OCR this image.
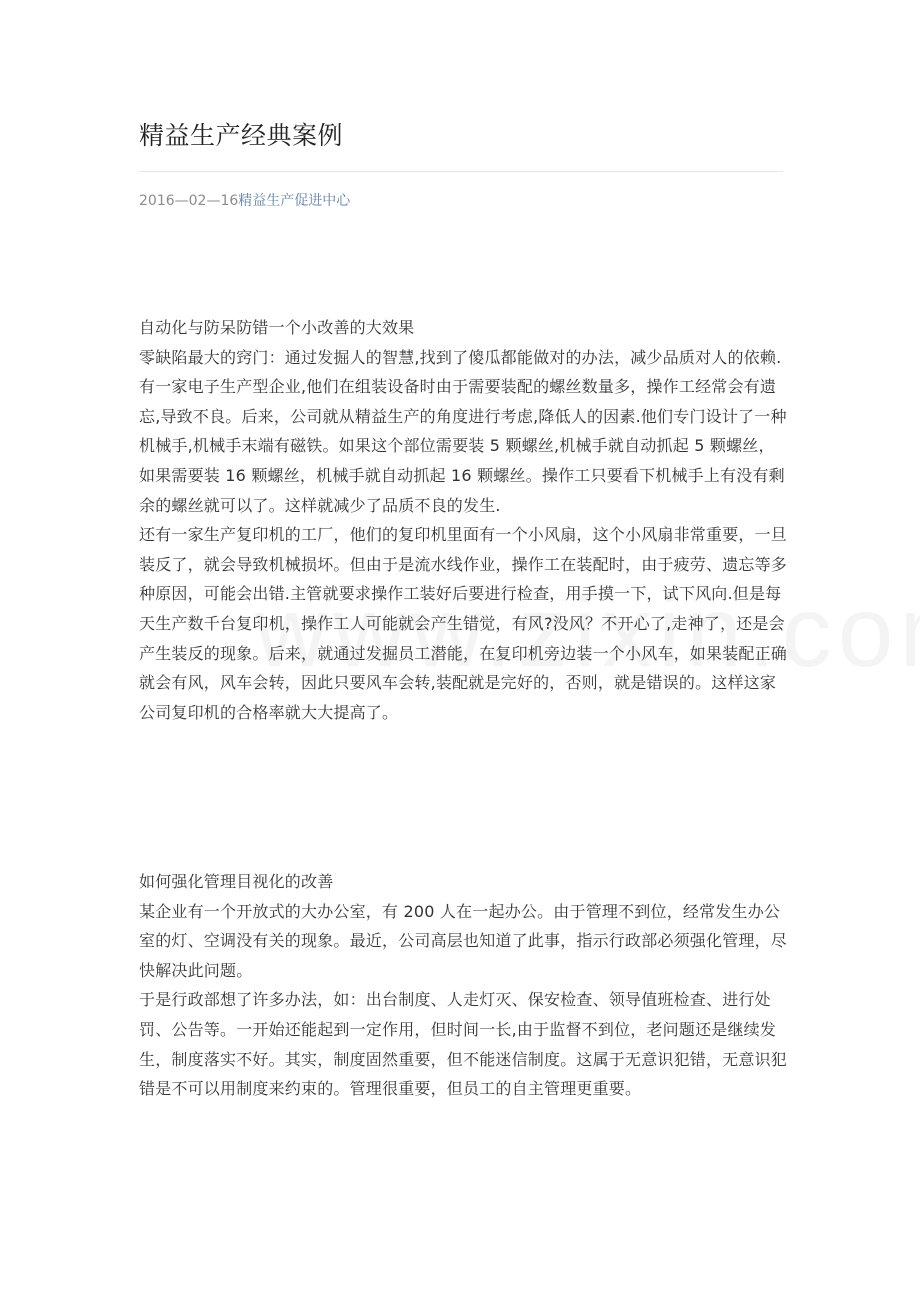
精益生产经典案例
2016—02—16精益生产促进中心

自动化与防呆防错一个小改善的大效果

零缺陷最大的窍门：通过发掘人的智慧,找到了傻瓜都能做对的办法，减少品质对人的依赖.

有一家电子生产型企业,他们在组装设备时由于需要装配的螺丝数量多，操作工经常会有遗忘,导致不良。后来，公司就从精益生产的角度进行考虑,降低人的因素.他们专门设计了一种机械手,机械手末端有磁铁。如果这个部位需要装 5 颗螺丝,机械手就自动抓起 5 颗螺丝，如果需要装 16 颗螺丝，机械手就自动抓起 16 颗螺丝。操作工只要看下机械手上有没有剩余的螺丝就可以了。这样就减少了品质不良的发生.

还有一家生产复印机的工厂，他们的复印机里面有一个小风扇，这个小风扇非常重要，一旦装反了，就会导致机械损坏。但由于是流水线作业，操作工在装配时，由于疲劳、遗忘等多种原因，可能会出错.主管就要求操作工装好后要进行检查，用手摸一下，试下风向.但是每天生产数千台复印机，操作工人可能就会产生错觉，有风?没风？不开心了,走神了，还是会产生装反的现象。后来，就通过发掘员工潜能，在复印机旁边装一个小风车，如果装配正确就会有风，风车会转，因此只要风车会转,装配就是完好的，否则，就是错误的。这样这家公司复印机的合格率就大大提高了。

如何强化管理目视化的改善

某企业有一个开放式的大办公室，有 200 人在一起办公。由于管理不到位，经常发生办公室的灯、空调没有关的现象。最近，公司高层也知道了此事，指示行政部必须强化管理，尽快解决此问题。

于是行政部想了许多办法，如：出台制度、人走灯灭、保安检查、领导值班检查、进行处罚、公告等。一开始还能起到一定作用，但时间一长,由于监督不到位，老问题还是继续发生，制度落实不好。其实，制度固然重要，但不能迷信制度。这属于无意识犯错，无意识犯错是不可以用制度来约束的。管理很重要，但员工的自主管理更重要。
